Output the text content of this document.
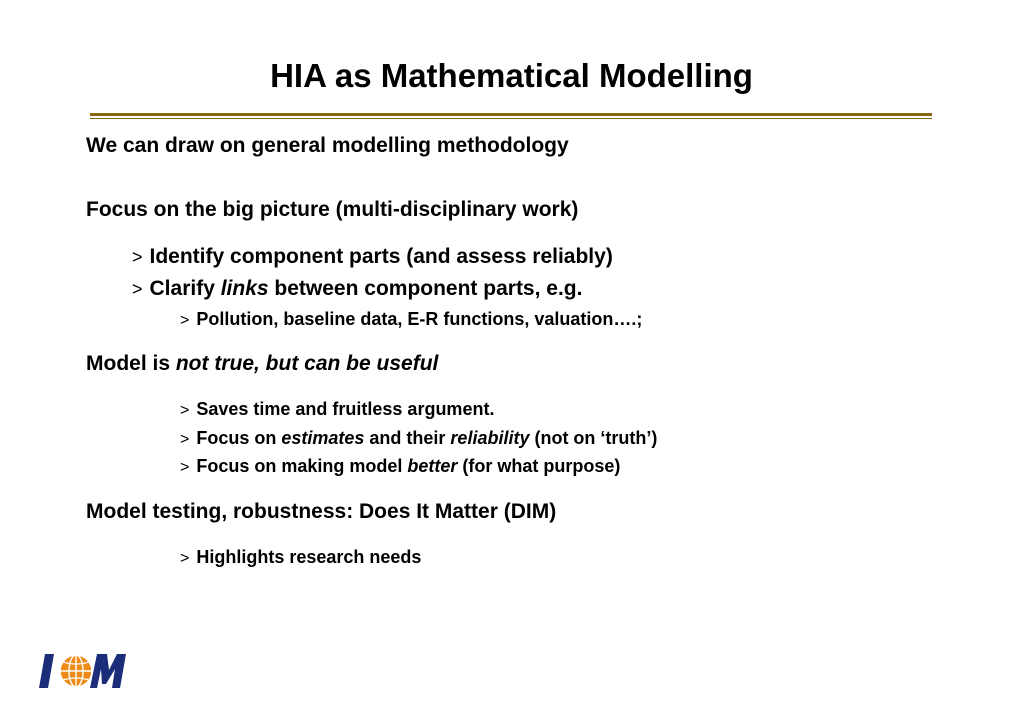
HIA as Mathematical Modelling
We can draw on general modelling methodology
Focus on the big picture (multi-disciplinary work)
> Identify component parts (and assess reliably)
> Clarify links between component parts, e.g.
> Pollution, baseline data, E-R functions, valuation….;
Model is not true, but can be useful
> Saves time and fruitless argument.
> Focus on estimates and their reliability (not on ‘truth’)
> Focus on making model better (for what purpose)
Model testing, robustness: Does It Matter (DIM)
> Highlights research needs
